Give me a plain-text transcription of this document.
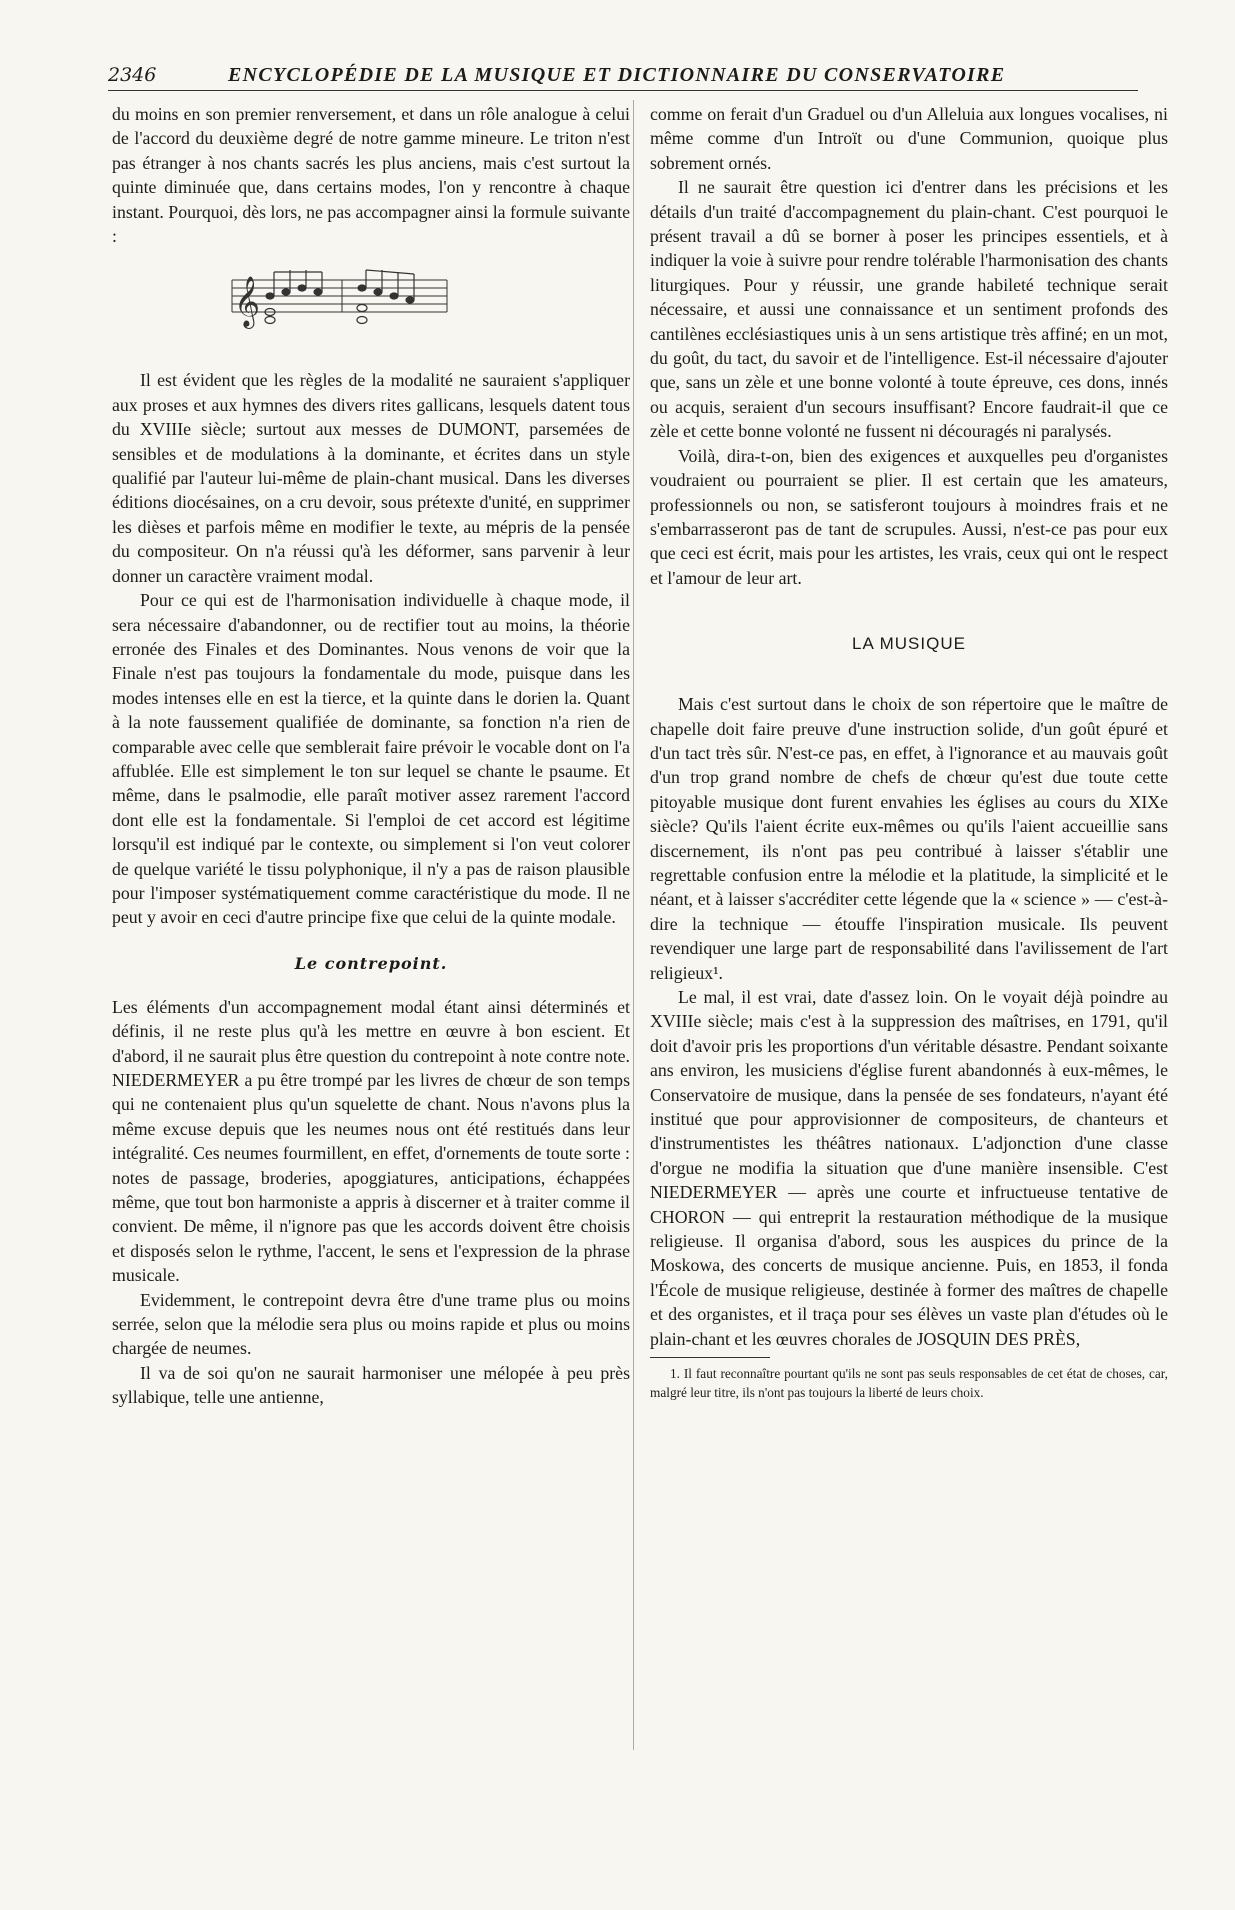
2346	ENCYCLOPÉDIE DE LA MUSIQUE ET DICTIONNAIRE DU CONSERVATOIRE

du moins en son premier renversement, et dans un rôle analogue à celui de l'accord du deuxième degré de notre gamme mineure. Le triton n'est pas étranger à nos chants sacrés les plus anciens, mais c'est surtout la quinte diminuée que, dans certains modes, l'on y rencontre à chaque instant. Pourquoi, dès lors, ne pas accompagner ainsi la formule suivante :

𝄞

Il est évident que les règles de la modalité ne sauraient s'appliquer aux proses et aux hymnes des divers rites gallicans, lesquels datent tous du XVIIIe siècle; surtout aux messes de DUMONT, parsemées de sensibles et de modulations à la dominante, et écrites dans un style qualifié par l'auteur lui-même de plain-chant musical. Dans les diverses éditions diocésaines, on a cru devoir, sous prétexte d'unité, en supprimer les dièses et parfois même en modifier le texte, au mépris de la pensée du compositeur. On n'a réussi qu'à les déformer, sans parvenir à leur donner un caractère vraiment modal.

Pour ce qui est de l'harmonisation individuelle à chaque mode, il sera nécessaire d'abandonner, ou de rectifier tout au moins, la théorie erronée des Finales et des Dominantes. Nous venons de voir que la Finale n'est pas toujours la fondamentale du mode, puisque dans les modes intenses elle en est la tierce, et la quinte dans le dorien la. Quant à la note faussement qualifiée de dominante, sa fonction n'a rien de comparable avec celle que semblerait faire prévoir le vocable dont on l'a affublée. Elle est simplement le ton sur lequel se chante le psaume. Et même, dans le psalmodie, elle paraît motiver assez rarement l'accord dont elle est la fondamentale. Si l'emploi de cet accord est légitime lorsqu'il est indiqué par le contexte, ou simplement si l'on veut colorer de quelque variété le tissu polyphonique, il n'y a pas de raison plausible pour l'imposer systématiquement comme caractéristique du mode. Il ne peut y avoir en ceci d'autre principe fixe que celui de la quinte modale.

Le contrepoint.

Les éléments d'un accompagnement modal étant ainsi déterminés et définis, il ne reste plus qu'à les mettre en œuvre à bon escient. Et d'abord, il ne saurait plus être question du contrepoint à note contre note. NIEDERMEYER a pu être trompé par les livres de chœur de son temps qui ne contenaient plus qu'un squelette de chant. Nous n'avons plus la même excuse depuis que les neumes nous ont été restitués dans leur intégralité. Ces neumes fourmillent, en effet, d'ornements de toute sorte : notes de passage, broderies, apoggiatures, anticipations, échappées même, que tout bon harmoniste a appris à discerner et à traiter comme il convient. De même, il n'ignore pas que les accords doivent être choisis et disposés selon le rythme, l'accent, le sens et l'expression de la phrase musicale.

Evidemment, le contrepoint devra être d'une trame plus ou moins serrée, selon que la mélodie sera plus ou moins rapide et plus ou moins chargée de neumes.

Il va de soi qu'on ne saurait harmoniser une mélopée à peu près syllabique, telle une antienne,

comme on ferait d'un Graduel ou d'un Alleluia aux longues vocalises, ni même comme d'un Introït ou d'une Communion, quoique plus sobrement ornés.

Il ne saurait être question ici d'entrer dans les précisions et les détails d'un traité d'accompagnement du plain-chant. C'est pourquoi le présent travail a dû se borner à poser les principes essentiels, et à indiquer la voie à suivre pour rendre tolérable l'harmonisation des chants liturgiques. Pour y réussir, une grande habileté technique serait nécessaire, et aussi une connaissance et un sentiment profonds des cantilènes ecclésiastiques unis à un sens artistique très affiné; en un mot, du goût, du tact, du savoir et de l'intelligence. Est-il nécessaire d'ajouter que, sans un zèle et une bonne volonté à toute épreuve, ces dons, innés ou acquis, seraient d'un secours insuffisant? Encore faudrait-il que ce zèle et cette bonne volonté ne fussent ni découragés ni paralysés.

Voilà, dira-t-on, bien des exigences et auxquelles peu d'organistes voudraient ou pourraient se plier. Il est certain que les amateurs, professionnels ou non, se satisferont toujours à moindres frais et ne s'embarrasseront pas de tant de scrupules. Aussi, n'est-ce pas pour eux que ceci est écrit, mais pour les artistes, les vrais, ceux qui ont le respect et l'amour de leur art.

LA MUSIQUE

Mais c'est surtout dans le choix de son répertoire que le maître de chapelle doit faire preuve d'une instruction solide, d'un goût épuré et d'un tact très sûr. N'est-ce pas, en effet, à l'ignorance et au mauvais goût d'un trop grand nombre de chefs de chœur qu'est due toute cette pitoyable musique dont furent envahies les églises au cours du XIXe siècle? Qu'ils l'aient écrite eux-mêmes ou qu'ils l'aient accueillie sans discernement, ils n'ont pas peu contribué à laisser s'établir une regrettable confusion entre la mélodie et la platitude, la simplicité et le néant, et à laisser s'accréditer cette légende que la « science » — c'est-à-dire la technique — étouffe l'inspiration musicale. Ils peuvent revendiquer une large part de responsabilité dans l'avilissement de l'art religieux¹.

Le mal, il est vrai, date d'assez loin. On le voyait déjà poindre au XVIIIe siècle; mais c'est à la suppression des maîtrises, en 1791, qu'il doit d'avoir pris les proportions d'un véritable désastre. Pendant soixante ans environ, les musiciens d'église furent abandonnés à eux-mêmes, le Conservatoire de musique, dans la pensée de ses fondateurs, n'ayant été institué que pour approvisionner de compositeurs, de chanteurs et d'instrumentistes les théâtres nationaux. L'adjonction d'une classe d'orgue ne modifia la situation que d'une manière insensible. C'est NIEDERMEYER — après une courte et infructueuse tentative de CHORON — qui entreprit la restauration méthodique de la musique religieuse. Il organisa d'abord, sous les auspices du prince de la Moskowa, des concerts de musique ancienne. Puis, en 1853, il fonda l'École de musique religieuse, destinée à former des maîtres de chapelle et des organistes, et il traça pour ses élèves un vaste plan d'études où le plain-chant et les œuvres chorales de JOSQUIN DES PRÈS,

1. Il faut reconnaître pourtant qu'ils ne sont pas seuls responsables de cet état de choses, car, malgré leur titre, ils n'ont pas toujours la liberté de leurs choix.
